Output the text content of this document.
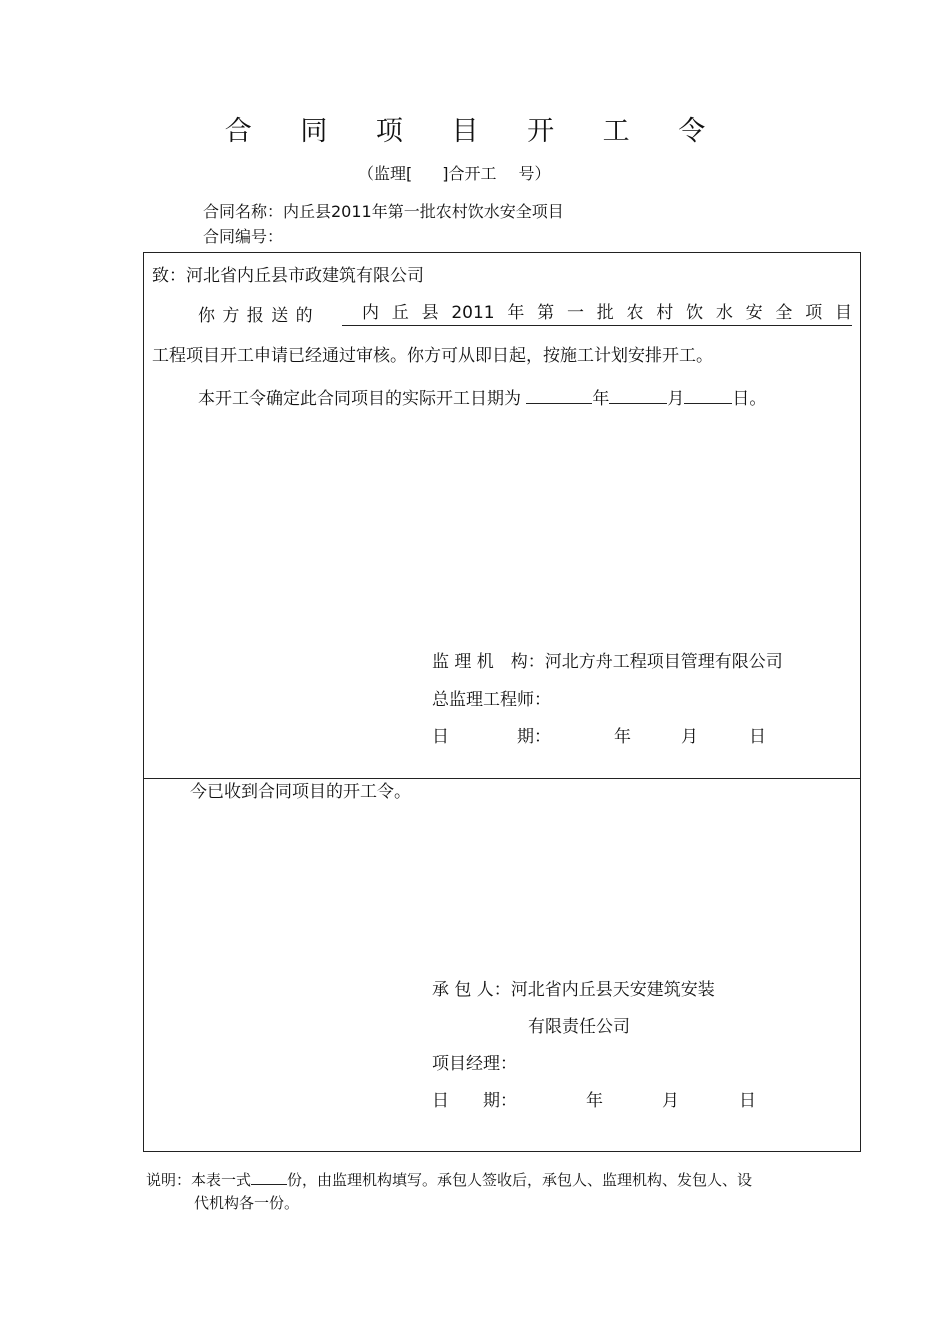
合 同 项 目 开 工 令
（监理[ ]合开工 号）
合同名称：内丘县2011年第一批农村饮水安全项目
合同编号：
致：河北省内丘县市政建筑有限公司
你 方 报 送 的	内 丘 县 2011 年 第 一 批 农 村 饮 水 安 全 项 目
工程项目开工申请已经通过审核。你方可从即日起，按施工计划安排开工。
本开工令确定此合同项目的实际开工日期为	年	月	日。
监 理 机　构：河北方舟工程项目管理有限公司
总监理工程师：
日　　　　期：	年	月	日
今已收到合同项目的开工令。
承 包 人：河北省内丘县天安建筑安装
有限责任公司
项目经理：
日　　期：	年	月	日
说明：本表一式 份，由监理机构填写。承包人签收后，承包人、监理机构、发包人、设
代机构各一份。
